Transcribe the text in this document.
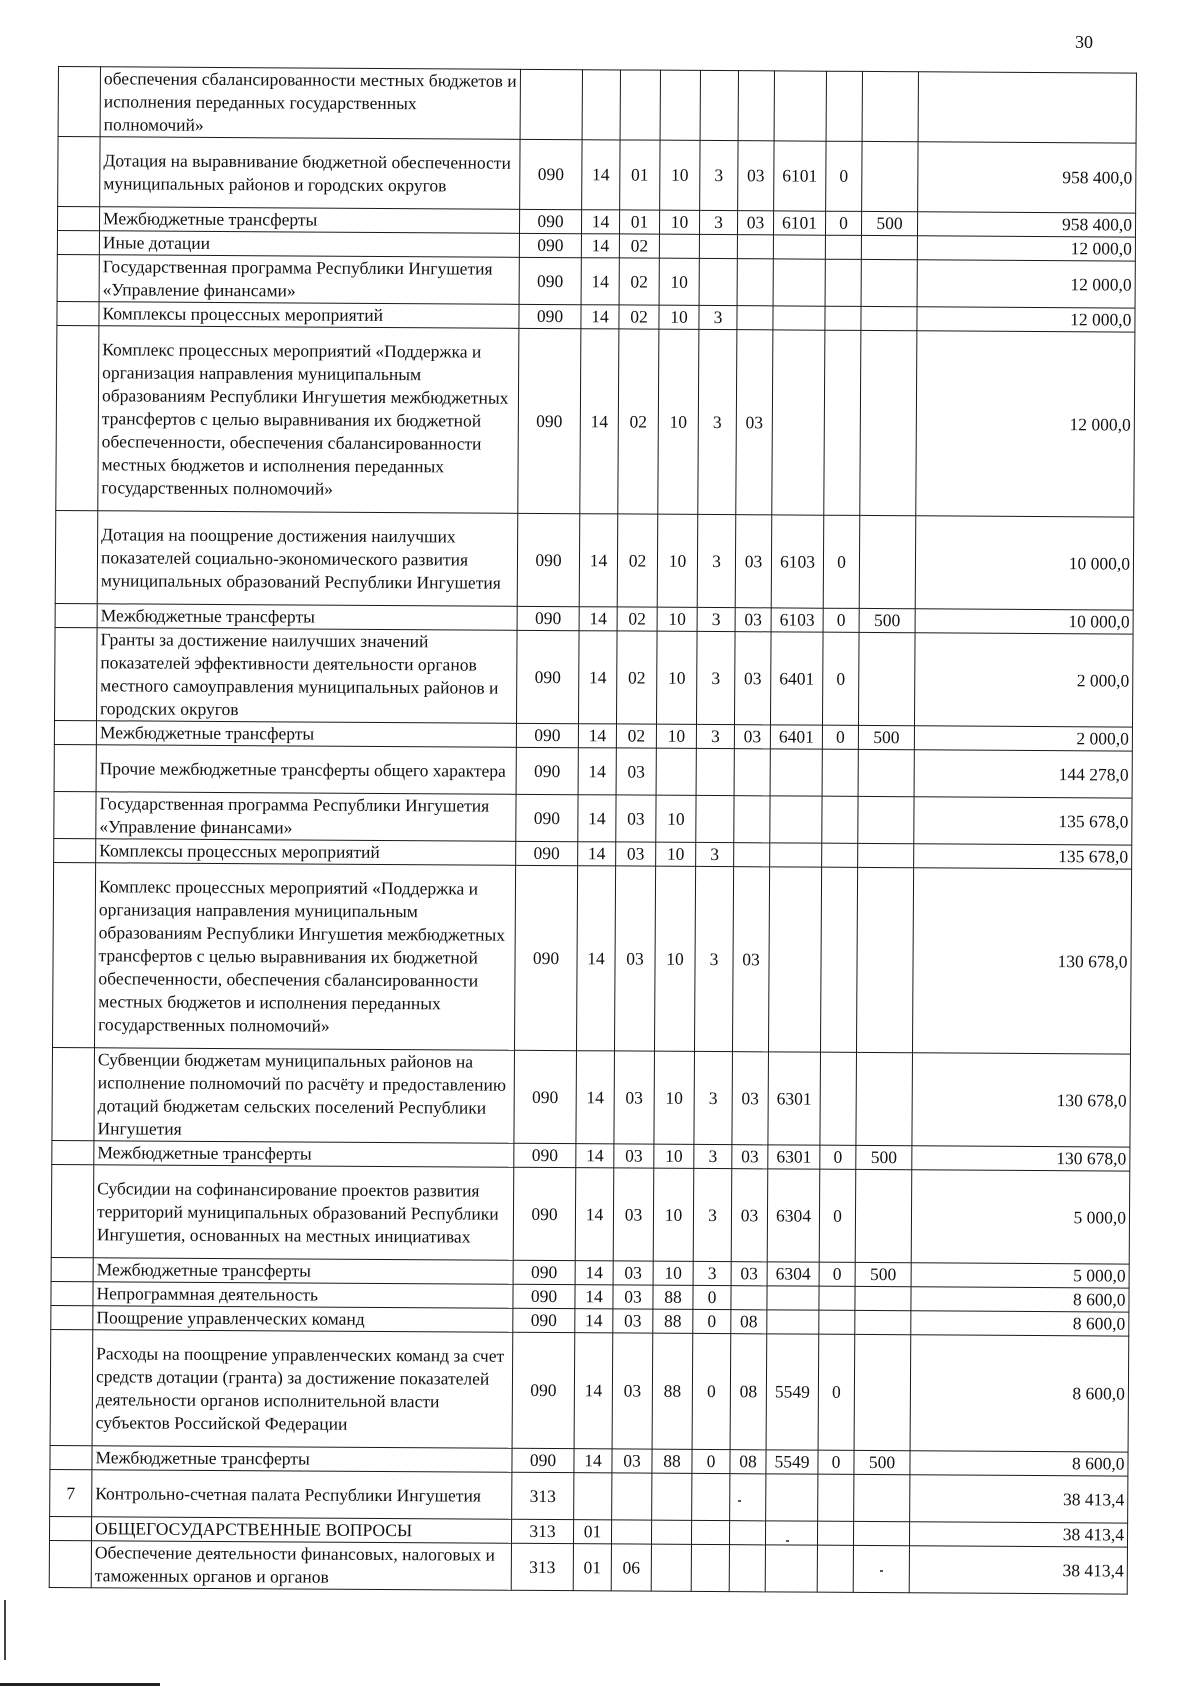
30
	обеспечения сбалансированности местных бюджетов и исполнения переданных государственных полномочий»										
	Дотация на выравнивание бюджетной обеспеченности муниципальных районов и городских округов	090	14	01	10	3	03	6101	0		958 400,0
	Межбюджетные трансферты	090	14	01	10	3	03	6101	0	500	958 400,0
	Иные дотации	090	14	02							12 000,0
	Государственная программа Республики Ингушетия «Управление финансами»	090	14	02	10						12 000,0
	Комплексы процессных мероприятий	090	14	02	10	3					12 000,0
	Комплекс процессных мероприятий «Поддержка и организация направления муниципальным образованиям Республики Ингушетия межбюджетных трансфертов с целью выравнивания их бюджетной обеспеченности, обеспечения сбалансированности местных бюджетов и исполнения переданных государственных полномочий»	090	14	02	10	3	03				12 000,0
	Дотация на поощрение достижения наилучших показателей социально-экономического развития муниципальных образований Республики Ингушетия	090	14	02	10	3	03	6103	0		10 000,0
	Межбюджетные трансферты	090	14	02	10	3	03	6103	0	500	10 000,0
	Гранты за достижение наилучших значений показателей эффективности деятельности органов местного самоуправления муниципальных районов и городских округов	090	14	02	10	3	03	6401	0		2 000,0
	Межбюджетные трансферты	090	14	02	10	3	03	6401	0	500	2 000,0
	Прочие межбюджетные трансферты общего характера	090	14	03							144 278,0
	Государственная программа Республики Ингушетия «Управление финансами»	090	14	03	10						135 678,0
	Комплексы процессных мероприятий	090	14	03	10	3					135 678,0
	Комплекс процессных мероприятий «Поддержка и организация направления муниципальным образованиям Республики Ингушетия межбюджетных трансфертов с целью выравнивания их бюджетной обеспеченности, обеспечения сбалансированности местных бюджетов и исполнения переданных государственных полномочий»	090	14	03	10	3	03				130 678,0
	Субвенции бюджетам муниципальных районов на исполнение полномочий по расчёту и предоставлению дотаций бюджетам сельских поселений Республики Ингушетия	090	14	03	10	3	03	6301			130 678,0
	Межбюджетные трансферты	090	14	03	10	3	03	6301	0	500	130 678,0
	Субсидии на софинансирование проектов развития территорий муниципальных образований Республики Ингушетия, основанных на местных инициативах	090	14	03	10	3	03	6304	0		5 000,0
	Межбюджетные трансферты	090	14	03	10	3	03	6304	0	500	5 000,0
	Непрограммная деятельность	090	14	03	88	0					8 600,0
	Поощрение управленческих команд	090	14	03	88	0	08				8 600,0
	Расходы на поощрение управленческих команд за счет средств дотации (гранта) за достижение показателей деятельности органов исполнительной власти субъектов Российской Федерации	090	14	03	88	0	08	5549	0		8 600,0
	Межбюджетные трансферты	090	14	03	88	0	08	5549	0	500	8 600,0
7	Контрольно-счетная палата Республики Ингушетия	313									38 413,4
	ОБЩЕГОСУДАРСТВЕННЫЕ ВОПРОСЫ	313	01								38 413,4
	Обеспечение деятельности финансовых, налоговых и таможенных органов и органов	313	01	06							38 413,4
